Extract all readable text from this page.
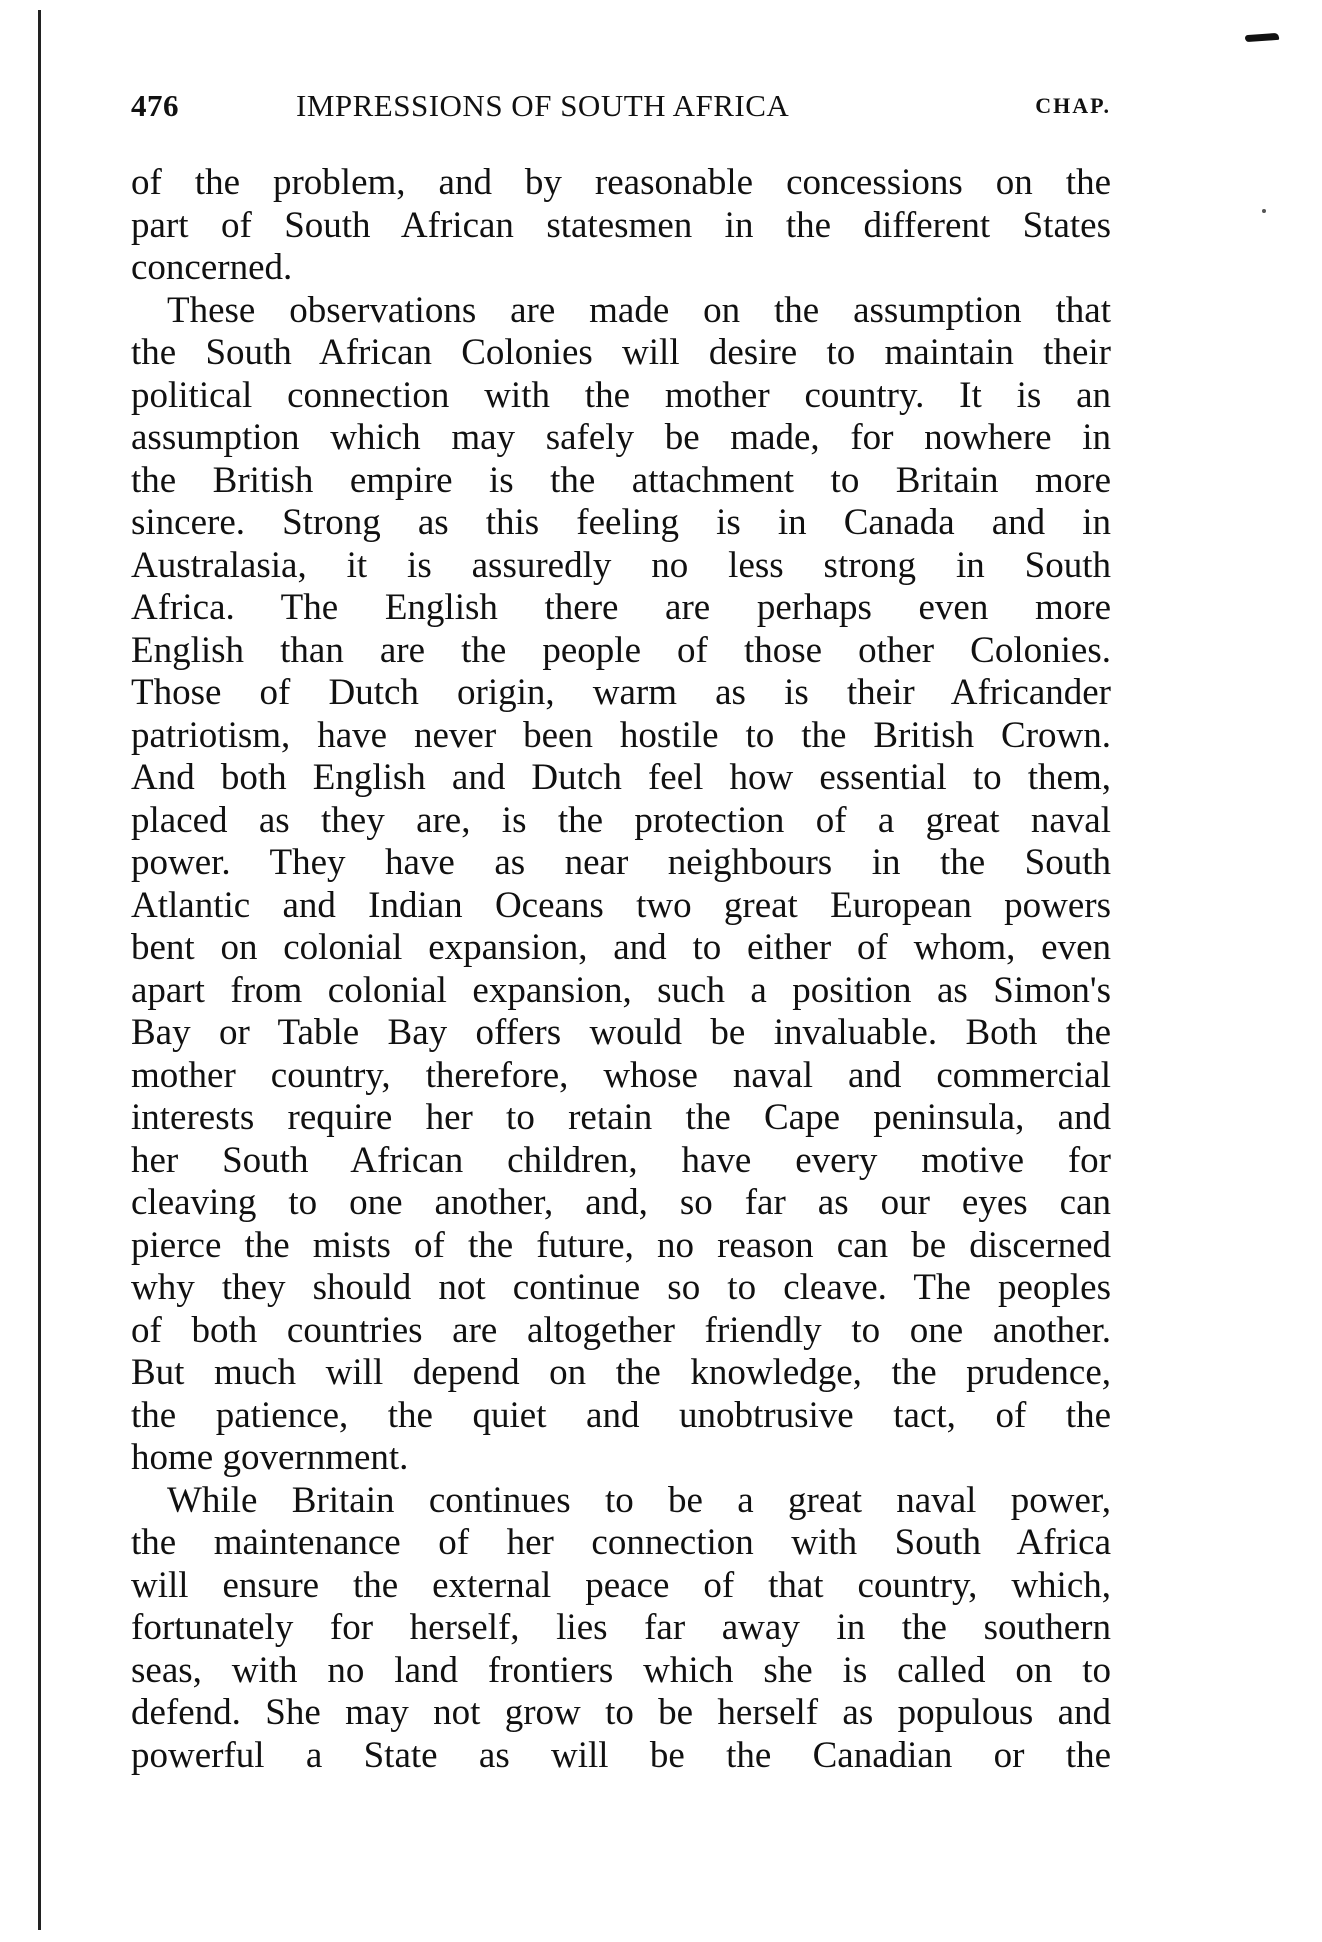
476	IMPRESSIONS OF SOUTH AFRICA	CHAP.
of the problem, and by reasonable concessions on the
part of South African statesmen in the different States
concerned.
These observations are made on the assumption that
the South African Colonies will desire to maintain their
political connection with the mother country. It is an
assumption which may safely be made, for nowhere in
the British empire is the attachment to Britain more
sincere. Strong as this feeling is in Canada and in
Australasia, it is assuredly no less strong in South
Africa. The English there are perhaps even more
English than are the people of those other Colonies.
Those of Dutch origin, warm as is their Africander
patriotism, have never been hostile to the British Crown.
And both English and Dutch feel how essential to them,
placed as they are, is the protection of a great naval
power. They have as near neighbours in the South
Atlantic and Indian Oceans two great European powers
bent on colonial expansion, and to either of whom, even
apart from colonial expansion, such a position as Simon's
Bay or Table Bay offers would be invaluable. Both the
mother country, therefore, whose naval and commercial
interests require her to retain the Cape peninsula, and
her South African children, have every motive for
cleaving to one another, and, so far as our eyes can
pierce the mists of the future, no reason can be discerned
why they should not continue so to cleave. The peoples
of both countries are altogether friendly to one another.
But much will depend on the knowledge, the prudence,
the patience, the quiet and unobtrusive tact, of the
home government.
While Britain continues to be a great naval power,
the maintenance of her connection with South Africa
will ensure the external peace of that country, which,
fortunately for herself, lies far away in the southern
seas, with no land frontiers which she is called on to
defend. She may not grow to be herself as populous and
powerful a State as will be the Canadian or the
